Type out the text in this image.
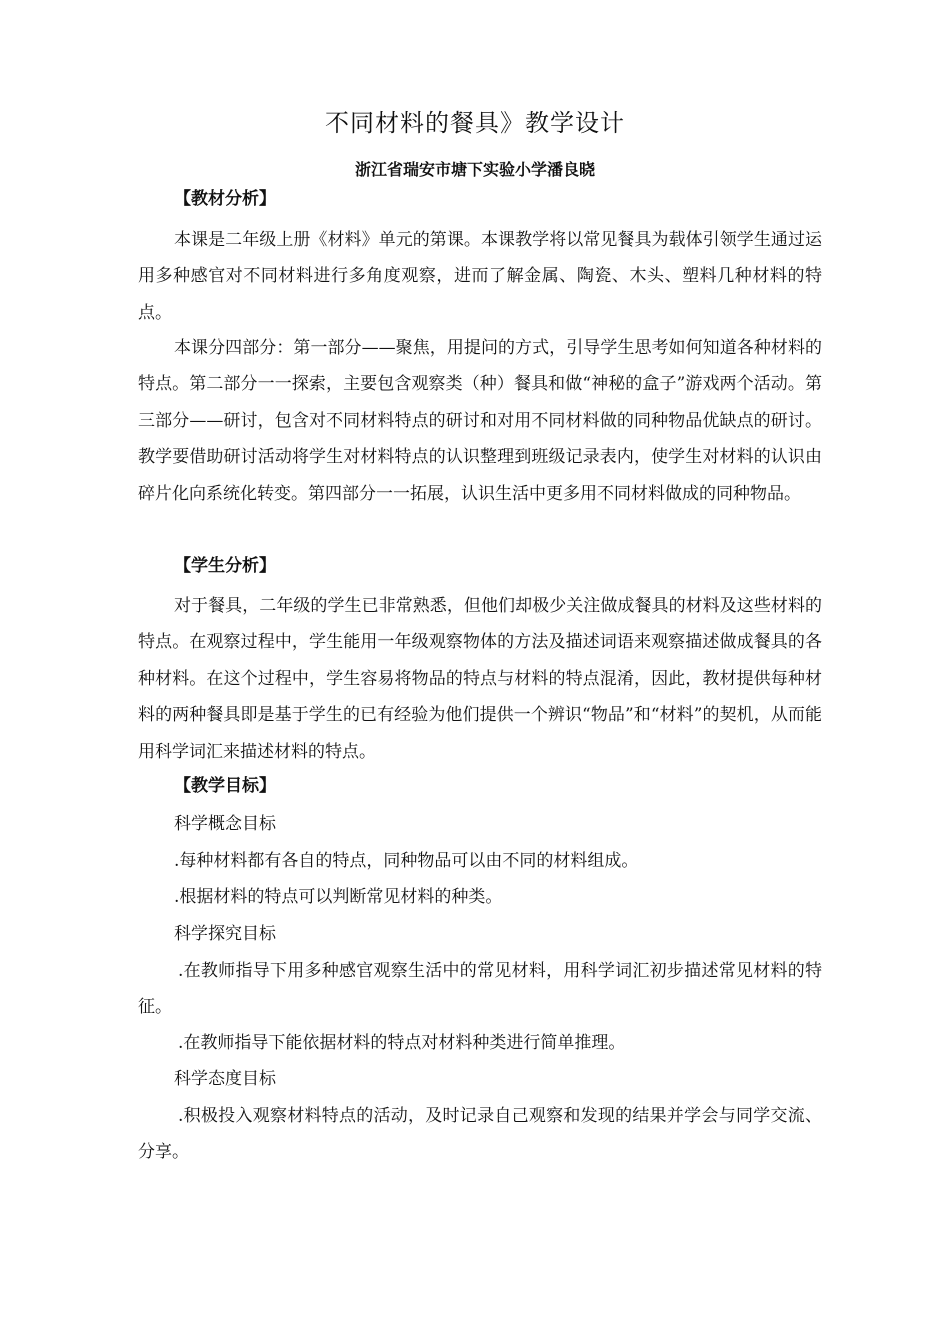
不同材料的餐具》教学设计
浙江省瑞安市塘下实验小学潘良晓
【教材分析】
本课是二年级上册《材料》单元的第课。本课教学将以常见餐具为载体引领学生通过运用多种感官对不同材料进行多角度观察，进而了解金属、陶瓷、木头、塑料几种材料的特点。
本课分四部分：第一部分——聚焦，用提问的方式，引导学生思考如何知道各种材料的特点。第二部分一一探索，主要包含观察类（种）餐具和做“神秘的盒子”游戏两个活动。第三部分——研讨，包含对不同材料特点的研讨和对用不同材料做的同种物品优缺点的研讨。教学要借助研讨活动将学生对材料特点的认识整理到班级记录表内，使学生对材料的认识由碎片化向系统化转变。第四部分一一拓展，认识生活中更多用不同材料做成的同种物品。
【学生分析】
对于餐具，二年级的学生已非常熟悉，但他们却极少关注做成餐具的材料及这些材料的特点。在观察过程中，学生能用一年级观察物体的方法及描述词语来观察描述做成餐具的各种材料。在这个过程中，学生容易将物品的特点与材料的特点混淆，因此，教材提供每种材料的两种餐具即是基于学生的已有经验为他们提供一个辨识“物品”和“材料”的契机，从而能用科学词汇来描述材料的特点。
【教学目标】
科学概念目标
.每种材料都有各自的特点，同种物品可以由不同的材料组成。
.根据材料的特点可以判断常见材料的种类。
科学探究目标
.在教师指导下用多种感官观察生活中的常见材料，用科学词汇初步描述常见材料的特征。
.在教师指导下能依据材料的特点对材料种类进行简单推理。
科学态度目标
.积极投入观察材料特点的活动，及时记录自己观察和发现的结果并学会与同学交流、分享。
